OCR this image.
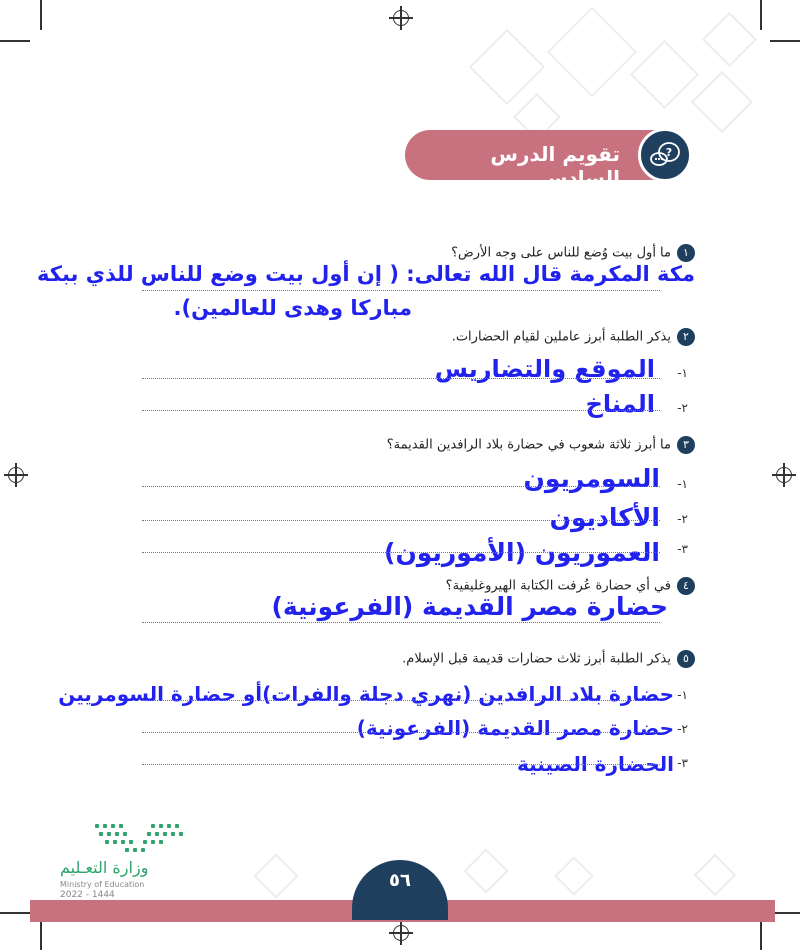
تقويم الدرس السادس
?
١ما أول بيت وُضع للناس على وجه الأرض؟
مكة المكرمة قال الله تعالى: ( إن أول بيت وضع للناس للذي ببكة
مباركا وهدى للعالمين).
٢يذكر الطلبة أبرز عاملين لقيام الحضارات.
١-
الموقع والتضاريس
٢-
المناخ
٣ما أبرز ثلاثة شعوب في حضارة بلاد الرافدين القديمة؟
١-
السومريون
٢-
الأكاديون
٣-
العموريون (الأموريون)
٤في أي حضارة عُرفت الكتابة الهيروغليفية؟
حضارة مصر القديمة (الفرعونية)
٥يذكر الطلبة أبرز ثلاث حضارات قديمة قبل الإسلام.
١-
حضارة بلاد الرافدين (نهري دجلة والفرات)أو حضارة السومريين
٢-
حضارة مصر القديمة (الفرعونية)
٣-
الحضارة الصينية
وزارة التعـليم
Ministry of Education
2022 - 1444
٥٦
